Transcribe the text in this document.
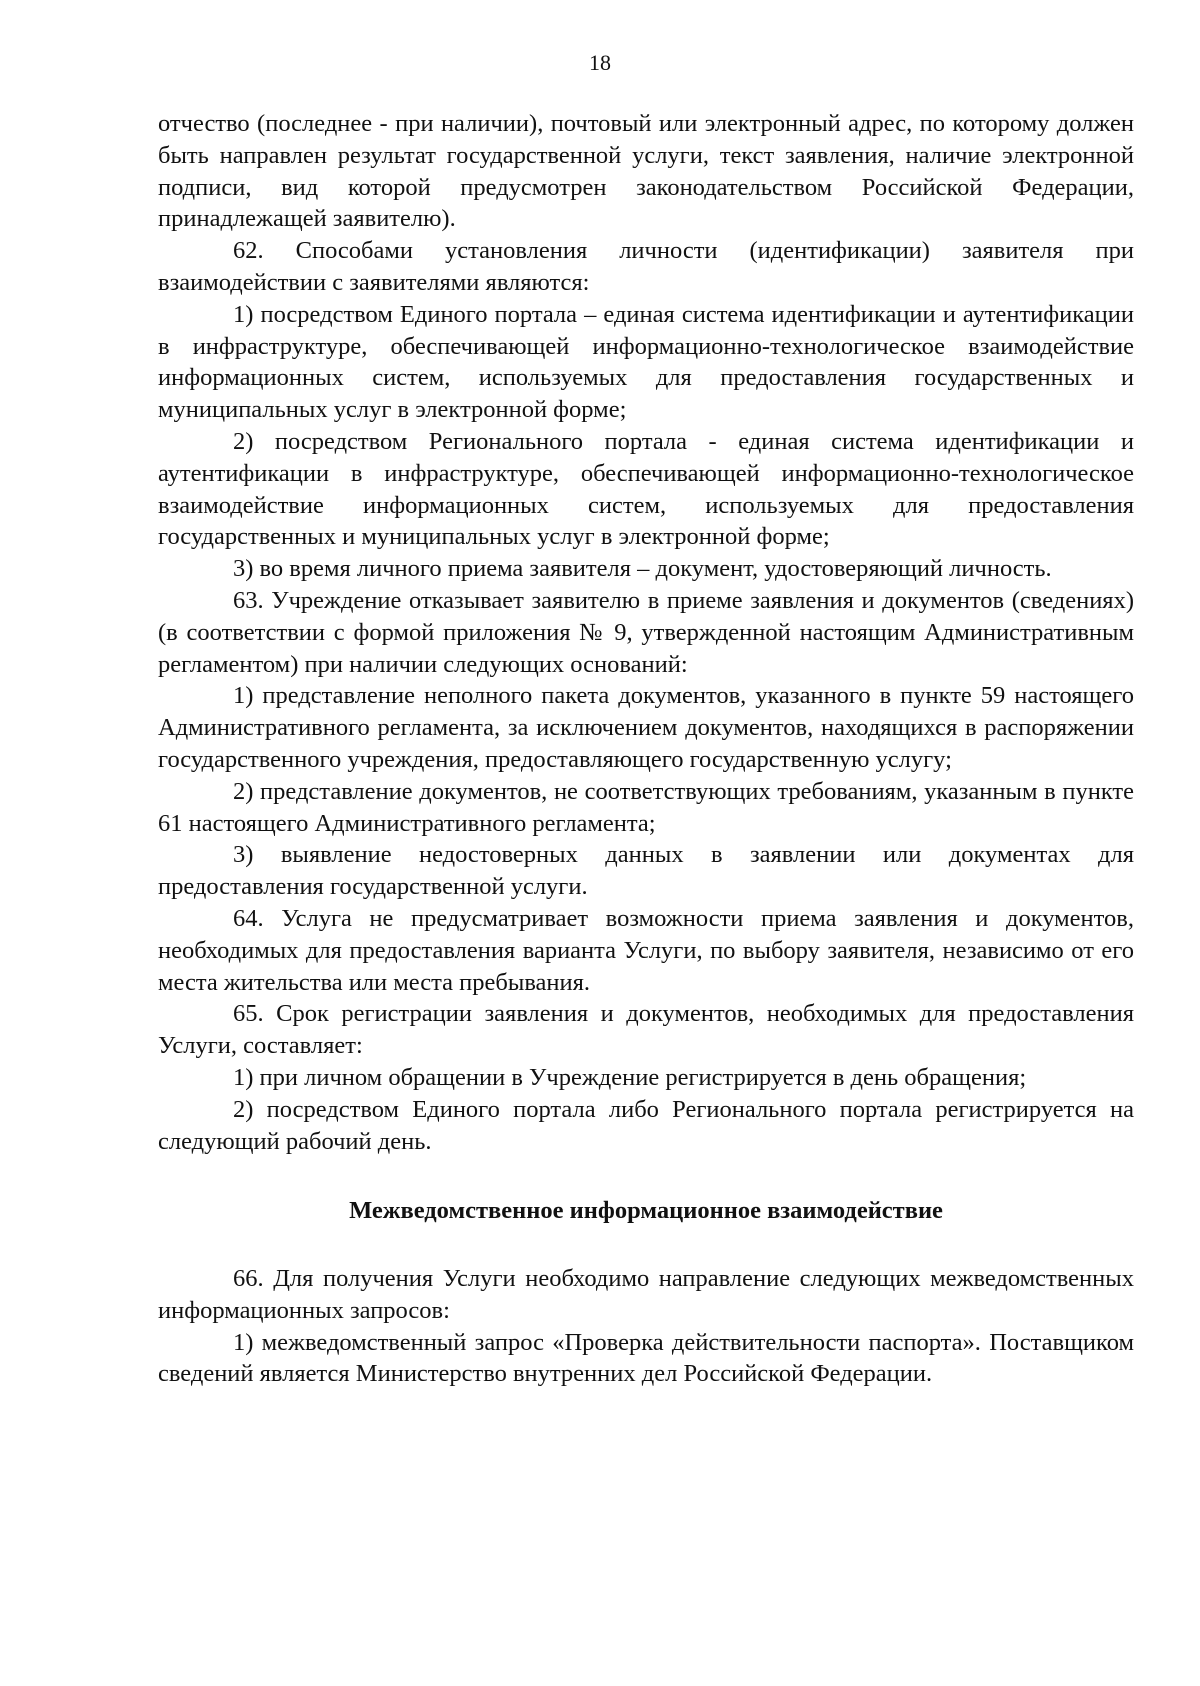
18

отчество (последнее - при наличии), почтовый или электронный адрес, по которому должен быть направлен результат государственной услуги, текст заявления, наличие электронной подписи, вид которой предусмотрен законодательством Российской Федерации, принадлежащей заявителю).

62. Способами установления личности (идентификации) заявителя при взаимодействии с заявителями являются:

1) посредством Единого портала – единая система идентификации и аутентификации в инфраструктуре, обеспечивающей информационно-технологическое взаимодействие информационных систем, используемых для предоставления государственных и муниципальных услуг в электронной форме;

2) посредством Регионального портала - единая система идентификации и аутентификации в инфраструктуре, обеспечивающей информационно-технологическое взаимодействие информационных систем, используемых для предоставления государственных и муниципальных услуг в электронной форме;

3) во время личного приема заявителя – документ, удостоверяющий личность.

63. Учреждение отказывает заявителю в приеме заявления и документов (сведениях) (в соответствии с формой приложения № 9, утвержденной настоящим Административным регламентом) при наличии следующих оснований:

1) представление неполного пакета документов, указанного в пункте 59 настоящего Административного регламента, за исключением документов, находящихся в распоряжении государственного учреждения, предоставляющего государственную услугу;

2) представление документов, не соответствующих требованиям, указанным в пункте 61 настоящего Административного регламента;

3) выявление недостоверных данных в заявлении или документах для предоставления государственной услуги.

64. Услуга не предусматривает возможности приема заявления и документов, необходимых для предоставления варианта Услуги, по выбору заявителя, независимо от его места жительства или места пребывания.

65. Срок регистрации заявления и документов, необходимых для предоставления Услуги, составляет:

1) при личном обращении в Учреждение регистрируется в день обращения;

2) посредством Единого портала либо Регионального портала регистрируется на следующий рабочий день.

Межведомственное информационное взаимодействие

66. Для получения Услуги необходимо направление следующих межведомственных информационных запросов:

1) межведомственный запрос «Проверка действительности паспорта». Поставщиком сведений является Министерство внутренних дел Российской Федерации.
